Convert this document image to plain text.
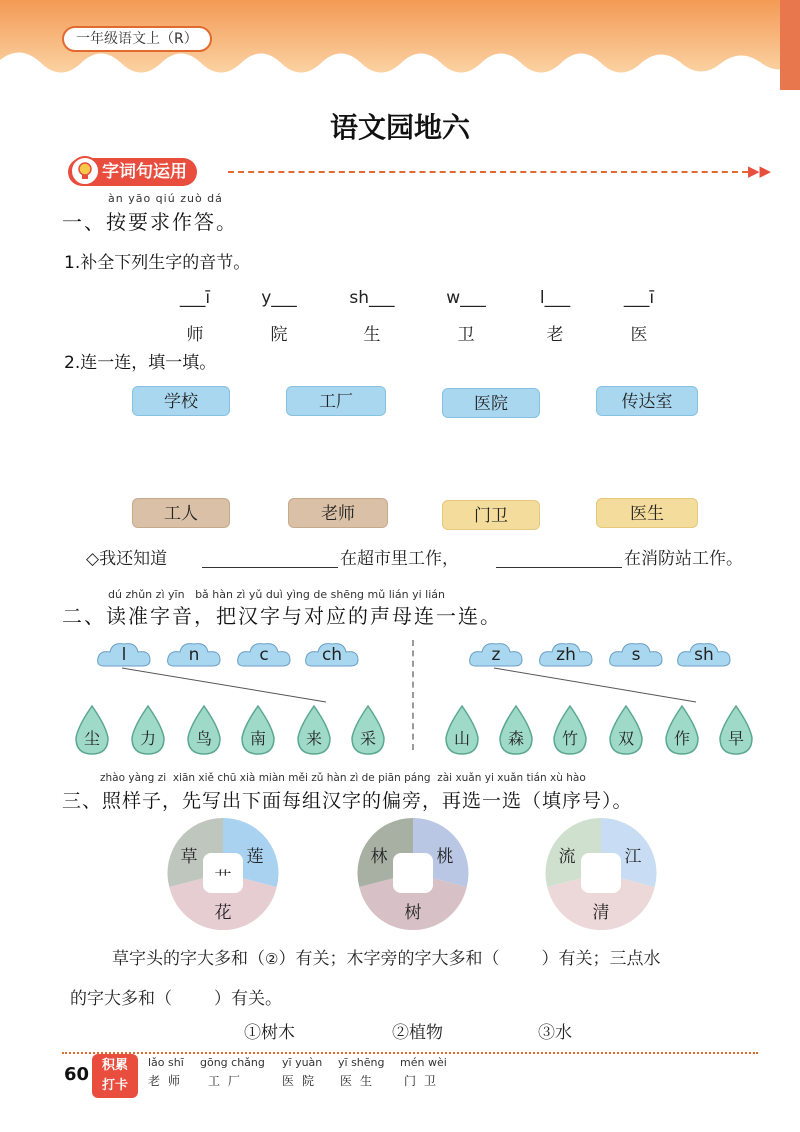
一年级语文上（R）
语文园地六
字词句运用	▶▶
àn yāo qiú zuò dá
一、按要求作答。
1.补全下列生字的音节。
___ī	y___	sh___	w___	l___	___ī
师	院	生	卫	老	医
2.连一连，填一填。
学校	工厂	医院	传达室
工人	老师	门卫	医生
◇我还知道	在超市里工作，	在消防站工作。
dú zhǔn zì yīn bǎ hàn zì yǔ duì yìng de shēng mǔ lián yi lián
二、读准字音，把汉字与对应的声母连一连。
l	n	c	ch	z	zh	s	sh
尘	力	鸟	南	来	采	山	森	竹	双	作	早
zhào yàng zi xiān xiě chū xià miàn měi zǔ hàn zì de piān páng zài xuǎn yi xuǎn tián xù hào
三、照样子，先写出下面每组汉字的偏旁，再选一选（填序号）。
草	莲
花
艹
林	桃
树
流	江
清
草字头的字大多和（②）有关；木字旁的字大多和（ ）有关；三点水
的字大多和（ ）有关。
①树木	②植物	③水
60 积累
打卡
lǎo shī
老师
gōng chǎng
工厂
yī yuàn
医院
yī shēng
医生
mén wèi
门卫
